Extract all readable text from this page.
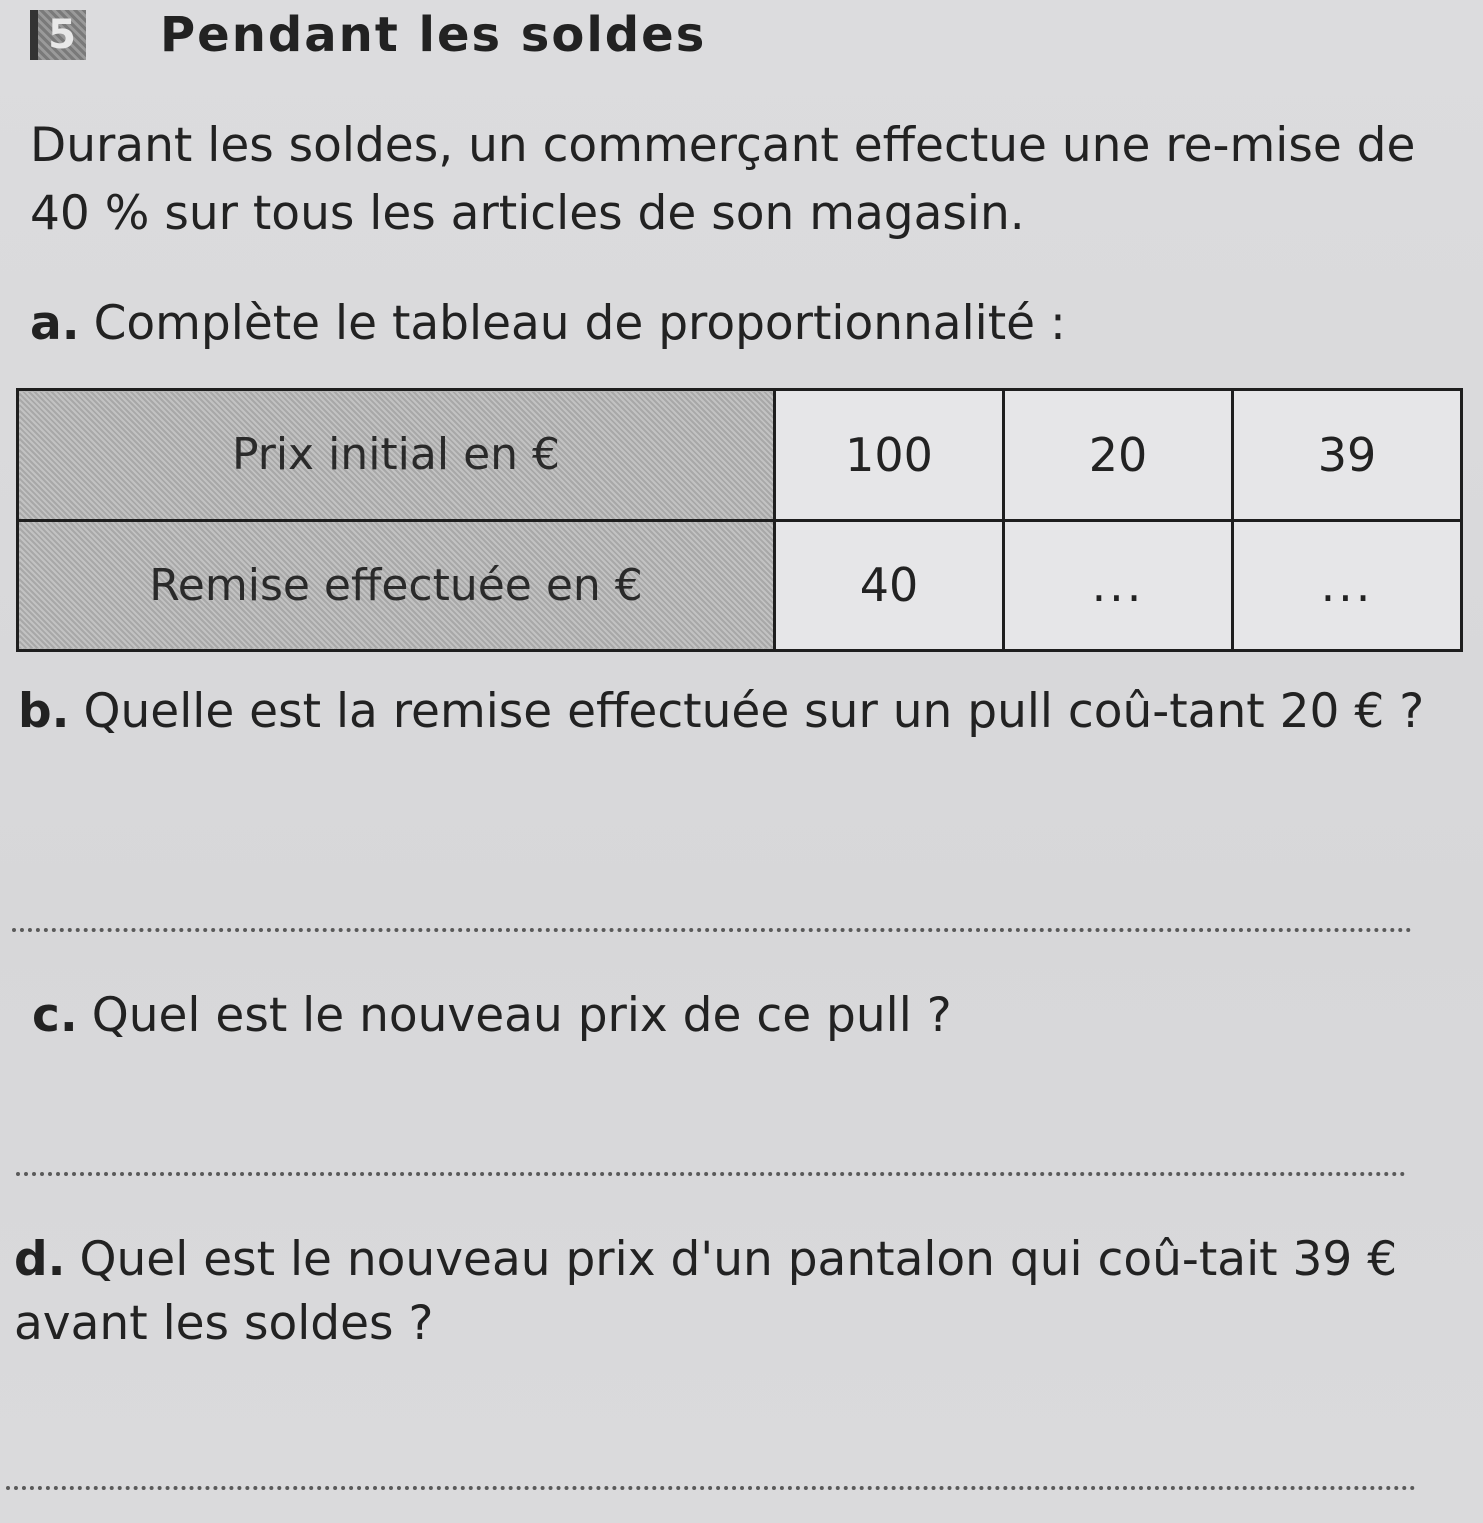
5 Pendant les soldes
Durant les soldes, un commerçant effectue une re-mise de 40 % sur tous les articles de son magasin.
a. Complète le tableau de proportionnalité :
Prix initial en €	100	20	39
Remise effectuée en €	40	...	...
b. Quelle est la remise effectuée sur un pull coû-tant 20 € ?
c. Quel est le nouveau prix de ce pull ?
d. Quel est le nouveau prix d'un pantalon qui coû-tait 39 € avant les soldes ?
